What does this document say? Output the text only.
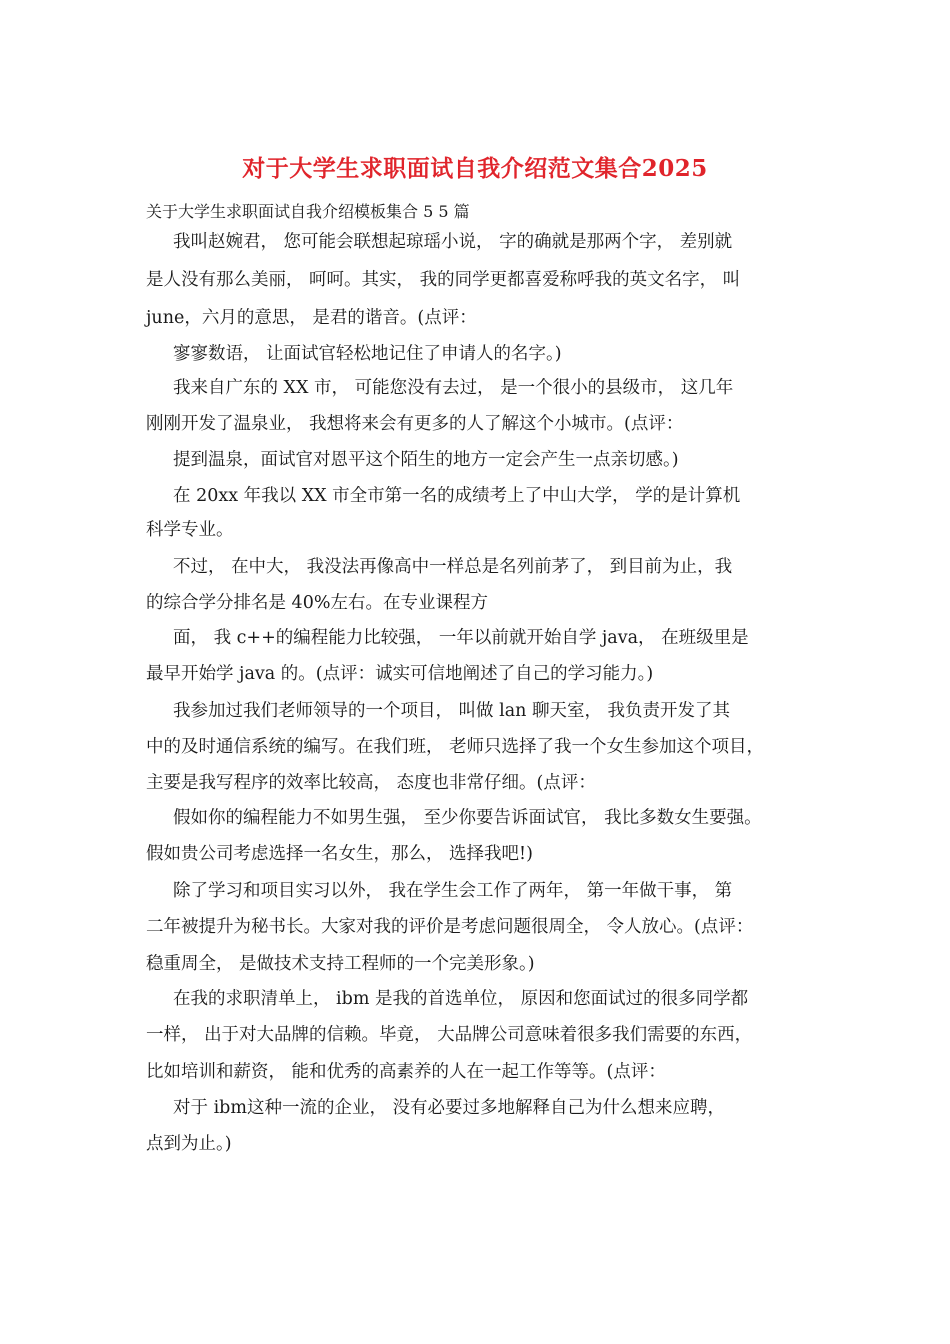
对于大学生求职面试自我介绍范文集合2025

关于大学生求职面试自我介绍模板集合 5 5 篇

我叫赵婉君， 您可能会联想起琼瑶小说， 字的确就是那两个字， 差别就

是人没有那么美丽， 呵呵。其实， 我的同学更都喜爱称呼我的英文名字， 叫

june，六月的意思， 是君的谐音。(点评：

寥寥数语， 让面试官轻松地记住了申请人的名字。)

我来自广东的 XX 市， 可能您没有去过， 是一个很小的县级市， 这几年

刚刚开发了温泉业， 我想将来会有更多的人了解这个小城市。(点评：

提到温泉，面试官对恩平这个陌生的地方一定会产生一点亲切感。)

在 20xx 年我以 XX 市全市第一名的成绩考上了中山大学， 学的是计算机

科学专业。

不过， 在中大， 我没法再像高中一样总是名列前茅了， 到目前为止，我

的综合学分排名是 40%左右。在专业课程方

面， 我 c++的编程能力比较强， 一年以前就开始自学 java， 在班级里是

最早开始学 java 的。(点评：诚实可信地阐述了自己的学习能力。)

我参加过我们老师领导的一个项目， 叫做 lan 聊天室， 我负责开发了其

中的及时通信系统的编写。在我们班， 老师只选择了我一个女生参加这个项目，

主要是我写程序的效率比较高， 态度也非常仔细。(点评：

假如你的编程能力不如男生强， 至少你要告诉面试官， 我比多数女生要强。

假如贵公司考虑选择一名女生，那么， 选择我吧!)

除了学习和项目实习以外， 我在学生会工作了两年， 第一年做干事， 第

二年被提升为秘书长。大家对我的评价是考虑问题很周全， 令人放心。(点评：

稳重周全， 是做技术支持工程师的一个完美形象。)

在我的求职清单上， ibm 是我的首选单位， 原因和您面试过的很多同学都

一样， 出于对大品牌的信赖。毕竟， 大品牌公司意味着很多我们需要的东西，

比如培训和薪资， 能和优秀的高素养的人在一起工作等等。(点评：

对于 ibm这种一流的企业， 没有必要过多地解释自己为什么想来应聘，

点到为止。)
